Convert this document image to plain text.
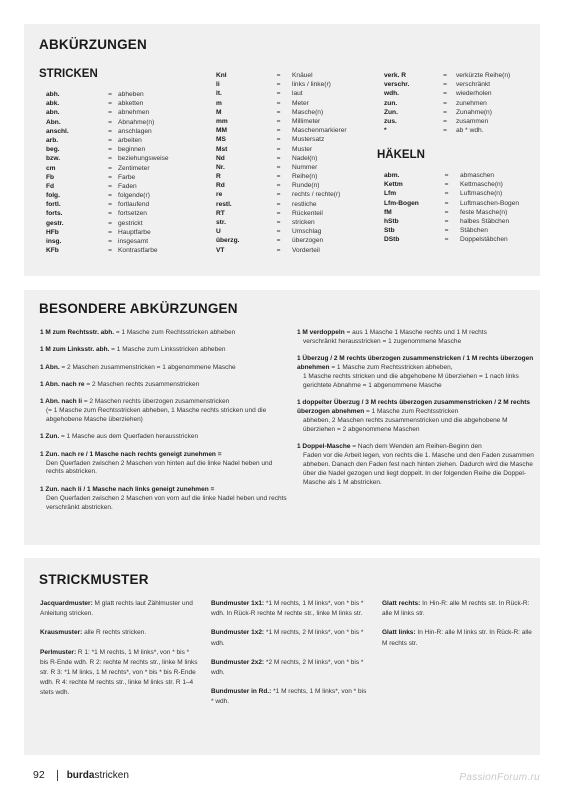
ABKÜRZUNGEN
STRICKEN
abh.	= abheben
abk.	= abketten
abn.	= abnehmen
Abn.	= Abnahme(n)
anschl.	= anschlagen
arb.	= arbeiten
beg.	= beginnen
bzw.	= beziehungsweise
cm	= Zentimeter
Fb	= Farbe
Fd	= Faden
folg.	= folgende(r)
fortl.	= fortlaufend
forts.	= fortsetzen
gestr.	= gestrickt
HFb	= Hauptfarbe
insg.	= insgesamt
KFb	= Kontrastfarbe
Knl	=	Knäuel
li	=	links / linke(r)
lt.	=	laut
m	=	Meter
M	=	Masche(n)
mm	=	Millimeter
MM	=	Maschenmarkierer
MS	=	Mustersatz
Mst	=	Muster
Nd	=	Nadel(n)
Nr.	=	Nummer
R	=	Reihe(n)
Rd	=	Runde(n)
re	=	rechts / rechte(r)
restl.	=	restliche
RT	=	Rückenteil
str.	=	stricken
U	=	Umschlag
überzg.	=	überzogen
VT	=	Vorderteil
verk. R	=	verkürzte Reihe(n)
verschr.	=	verschränkt
wdh.	=	wiederholen
zun.	=	zunehmen
Zun.	=	Zunahme(n)
zus.	=	zusammen
*	=	ab * wdh.
HÄKELN
abm.	=	abmaschen
Kettm	=	Kettmasche(n)
Lfm	=	Luftmasche(n)
Lfm-Bogen	=	Luftmaschen-Bogen
fM	=	feste Masche(n)
hStb	=	halbes Stäbchen
Stb	=	Stäbchen
DStb	=	Doppelstäbchen
BESONDERE ABKÜRZUNGEN
1 M zum Rechtsstr. abh. = 1 Masche zum Rechtsstricken abheben
1 M zum Linksstr. abh. = 1 Masche zum Linksstricken abheben
1 Abn. = 2 Maschen zusammenstricken = 1 abgenommene Masche
1 Abn. nach re = 2 Maschen rechts zusammenstricken
1 Abn. nach li = 2 Maschen rechts überzogen zusammenstricken
(= 1 Masche zum Rechtsstricken abheben, 1 Masche rechts stricken und die abgehobene Masche überziehen)
1 Zun. = 1 Masche aus dem Querfaden herausstricken
1 Zun. nach re / 1 Masche nach rechts geneigt zunehmen =
Den Querfaden zwischen 2 Maschen von hinten auf die linke Nadel heben und rechts abstricken.
1 Zun. nach li / 1 Masche nach links geneigt zunehmen =
Den Querfaden zwischen 2 Maschen von vorn auf die linke Nadel heben und rechts verschränkt abstricken.
1 M verdoppeln = aus 1 Masche 1 Masche rechts und 1 M rechts
verschränkt herausstricken = 1 zugenommene Masche
1 Überzug / 2 M rechts überzogen zusammenstricken / 1 M rechts überzogen abnehmen = 1 Masche zum Rechtsstricken abheben,
1 Masche rechts stricken und die abgehobene M überziehen = 1 nach links gerichtete Abnahme = 1 abgenommene Masche
1 doppelter Überzug / 3 M rechts überzogen zusammenstricken / 2 M rechts überzogen abnehmen = 1 Masche zum Rechtsstricken
abheben, 2 Maschen rechts zusammenstricken und die abgehobene M überziehen = 2 abgenommene Maschen
1 Doppel-Masche = Nach dem Wenden am Reihen-Beginn den
Faden vor die Arbeit legen, von rechts die 1. Masche und den Faden zusammen abheben. Danach den Faden fest nach hinten ziehen. Dadurch wird die Masche über die Nadel gezogen und liegt doppelt. In der folgenden Reihe die Doppel-Masche als 1 M abstricken.
STRICKMUSTER
Jacquardmuster: M glatt rechts laut Zählmuster und Anleitung stricken.
Krausmuster: alle R rechts stricken.
Perlmuster: R 1: *1 M rechts, 1 M links*, von * bis * bis R-Ende wdh. R 2: rechte M rechts str., linke M links str. R 3: *1 M links, 1 M rechts*, von * bis * bis R-Ende wdh. R 4: rechte M rechts str., linke M links str. R 1–4 stets wdh.
Bundmuster 1x1: *1 M rechts, 1 M links*, von * bis * wdh. In Rück-R rechte M rechte str., linke M links str.
Bundmuster 1x2: *1 M rechts, 2 M links*, von * bis * wdh.
Bundmuster 2x2: *2 M rechts, 2 M links*, von * bis * wdh.
Bundmuster in Rd.: *1 M rechts, 1 M links*, von * bis * wdh.
Glatt rechts: In Hin-R: alle M rechts str. In Rück-R: alle M links str.
Glatt links: In Hin-R: alle M links str. In Rück-R: alle M rechts str.
92 burdastricken	PassionForum.ru
